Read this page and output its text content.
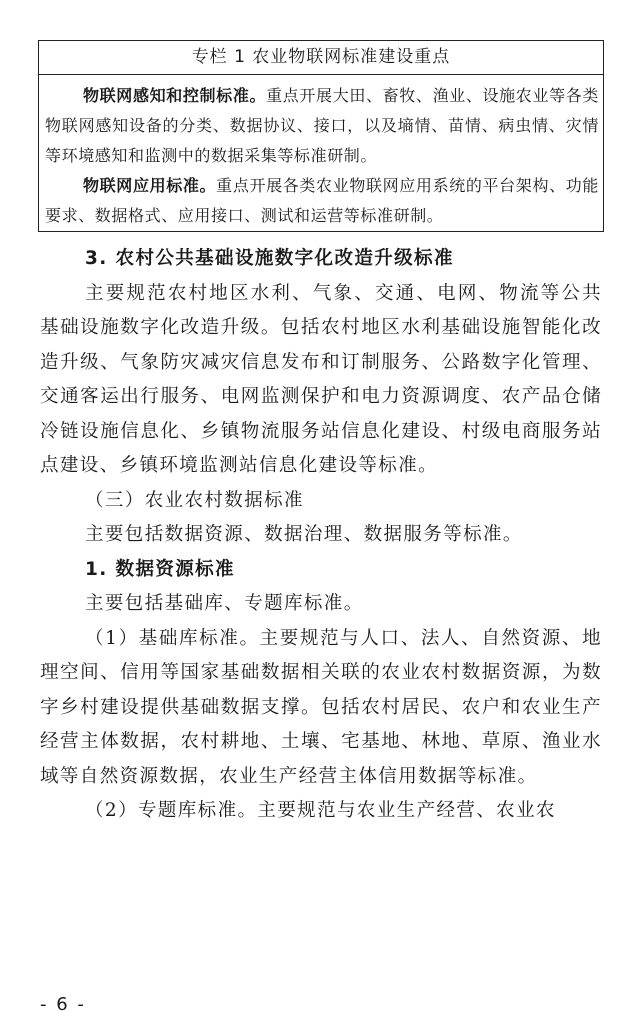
专栏 1 农业物联网标准建设重点

物联网感知和控制标准。重点开展大田、畜牧、渔业、设施农业等各类物联网感知设备的分类、数据协议、接口，以及墒情、苗情、病虫情、灾情等环境感知和监测中的数据采集等标准研制。

物联网应用标准。重点开展各类农业物联网应用系统的平台架构、功能要求、数据格式、应用接口、测试和运营等标准研制。

3. 农村公共基础设施数字化改造升级标准

主要规范农村地区水利、气象、交通、电网、物流等公共基础设施数字化改造升级。包括农村地区水利基础设施智能化改造升级、气象防灾减灾信息发布和订制服务、公路数字化管理、交通客运出行服务、电网监测保护和电力资源调度、农产品仓储冷链设施信息化、乡镇物流服务站信息化建设、村级电商服务站点建设、乡镇环境监测站信息化建设等标准。

（三）农业农村数据标准

主要包括数据资源、数据治理、数据服务等标准。

1. 数据资源标准

主要包括基础库、专题库标准。

（1）基础库标准。主要规范与人口、法人、自然资源、地理空间、信用等国家基础数据相关联的农业农村数据资源，为数字乡村建设提供基础数据支撑。包括农村居民、农户和农业生产经营主体数据，农村耕地、土壤、宅基地、林地、草原、渔业水域等自然资源数据，农业生产经营主体信用数据等标准。

（2）专题库标准。主要规范与农业生产经营、农业农

- 6 -
